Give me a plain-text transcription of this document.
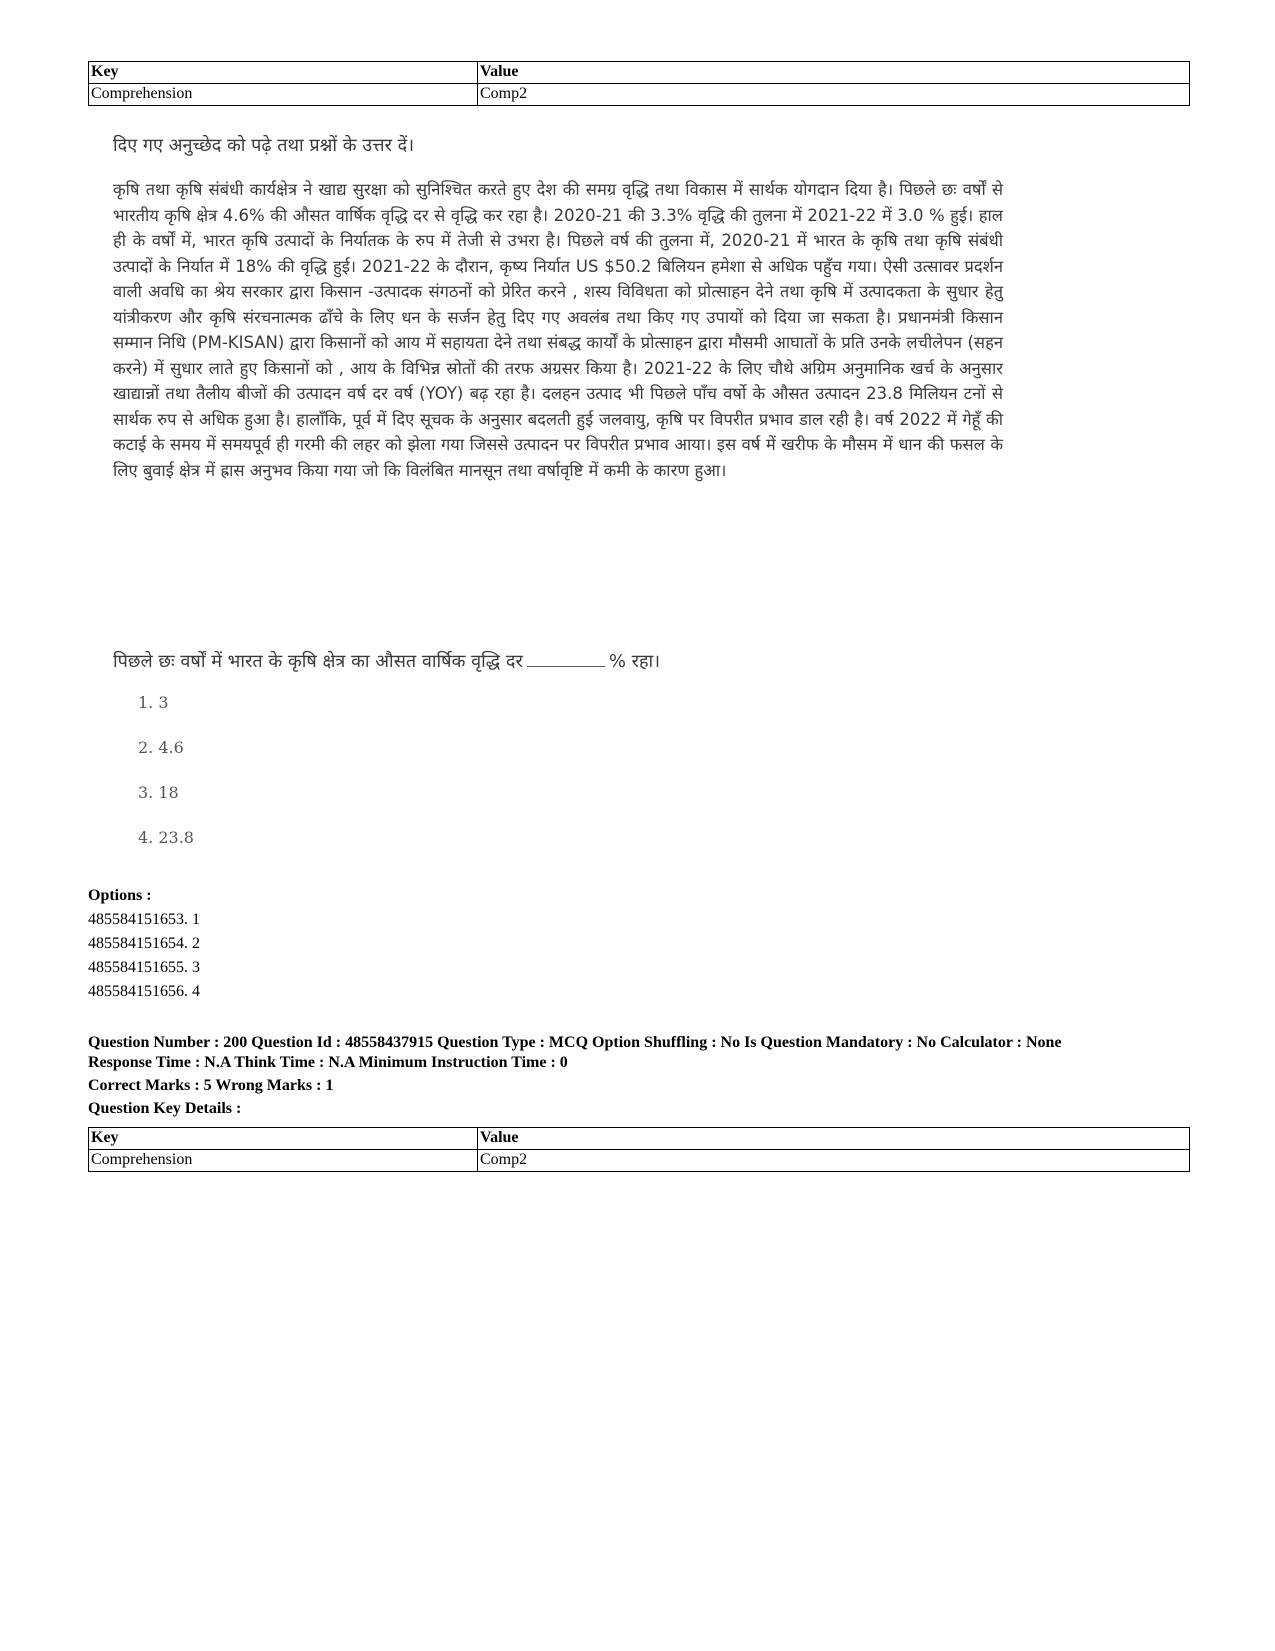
Key	Value
Comprehension	Comp2

दिए गए अनुच्छेद को पढ़े तथा प्रश्नों के उत्तर दें।

कृषि तथा कृषि संबंधी कार्यक्षेत्र ने खाद्य सुरक्षा को सुनिश्चित करते हुए देश की समग्र वृद्धि तथा विकास में सार्थक योगदान दिया है। पिछले छः वर्षों से भारतीय कृषि क्षेत्र 4.6% की औसत वार्षिक वृद्धि दर से वृद्धि कर रहा है। 2020-21 की 3.3% वृद्धि की तुलना में 2021-22 में 3.0 % हुई। हाल ही के वर्षों में, भारत कृषि उत्पादों के निर्यातक के रुप में तेजी से उभरा है। पिछले वर्ष की तुलना में, 2020-21 में भारत के कृषि तथा कृषि संबंधी उत्पादों के निर्यात में 18% की वृद्धि हुई। 2021-22 के दौरान, कृष्य निर्यात US $50.2 बिलियन हमेशा से अधिक पहुँच गया। ऐसी उत्सावर प्रदर्शन वाली अवधि का श्रेय सरकार द्वारा किसान -उत्पादक संगठनों को प्रेरित करने , शस्य विविधता को प्रोत्साहन देने तथा कृषि में उत्पादकता के सुधार हेतु यांत्रीकरण और कृषि संरचनात्मक ढाँचे के लिए धन के सर्जन हेतु दिए गए अवलंब तथा किए गए उपायों को दिया जा सकता है। प्रधानमंत्री किसान सम्मान निधि (PM-KISAN) द्वारा किसानों को आय में सहायता देने तथा संबद्ध कार्यों के प्रोत्साहन द्वारा मौसमी आघातों के प्रति उनके लचीलेपन (सहन करने) में सुधार लाते हुए किसानों को , आय के विभिन्न स्रोतों की तरफ अग्रसर किया है। 2021-22 के लिए चौथे अग्रिम अनुमानिक खर्च के अनुसार खाद्यान्नों तथा तैलीय बीजों की उत्पादन वर्ष दर वर्ष (YOY) बढ़ रहा है। दलहन उत्पाद भी पिछले पाँच वर्षो के औसत उत्पादन 23.8 मिलियन टनों से सार्थक रुप से अधिक हुआ है। हालाँकि, पूर्व में दिए सूचक के अनुसार बदलती हुई जलवायु, कृषि पर विपरीत प्रभाव डाल रही है। वर्ष 2022 में गेहूँ की कटाई के समय में समयपूर्व ही गरमी की लहर को झेला गया जिससे उत्पादन पर विपरीत प्रभाव आया। इस वर्ष में खरीफ के मौसम में धान की फसल के लिए बुवाई क्षेत्र में ह्रास अनुभव किया गया जो कि विलंबित मानसून तथा वर्षावृष्टि में कमी के कारण हुआ।

पिछले छः वर्षों में भारत के कृषि क्षेत्र का औसत वार्षिक वृद्धि दर	% रहा।
1. 3
2. 4.6
3. 18
4. 23.8
Options :
485584151653. 1
485584151654. 2
485584151655. 3
485584151656. 4

Question Number : 200 Question Id : 48558437915 Question Type : MCQ Option Shuffling : No Is Question Mandatory : No Calculator : None

Response Time : N.A Think Time : N.A Minimum Instruction Time : 0

Correct Marks : 5 Wrong Marks : 1

Question Key Details :

Key	Value
Comprehension	Comp2
